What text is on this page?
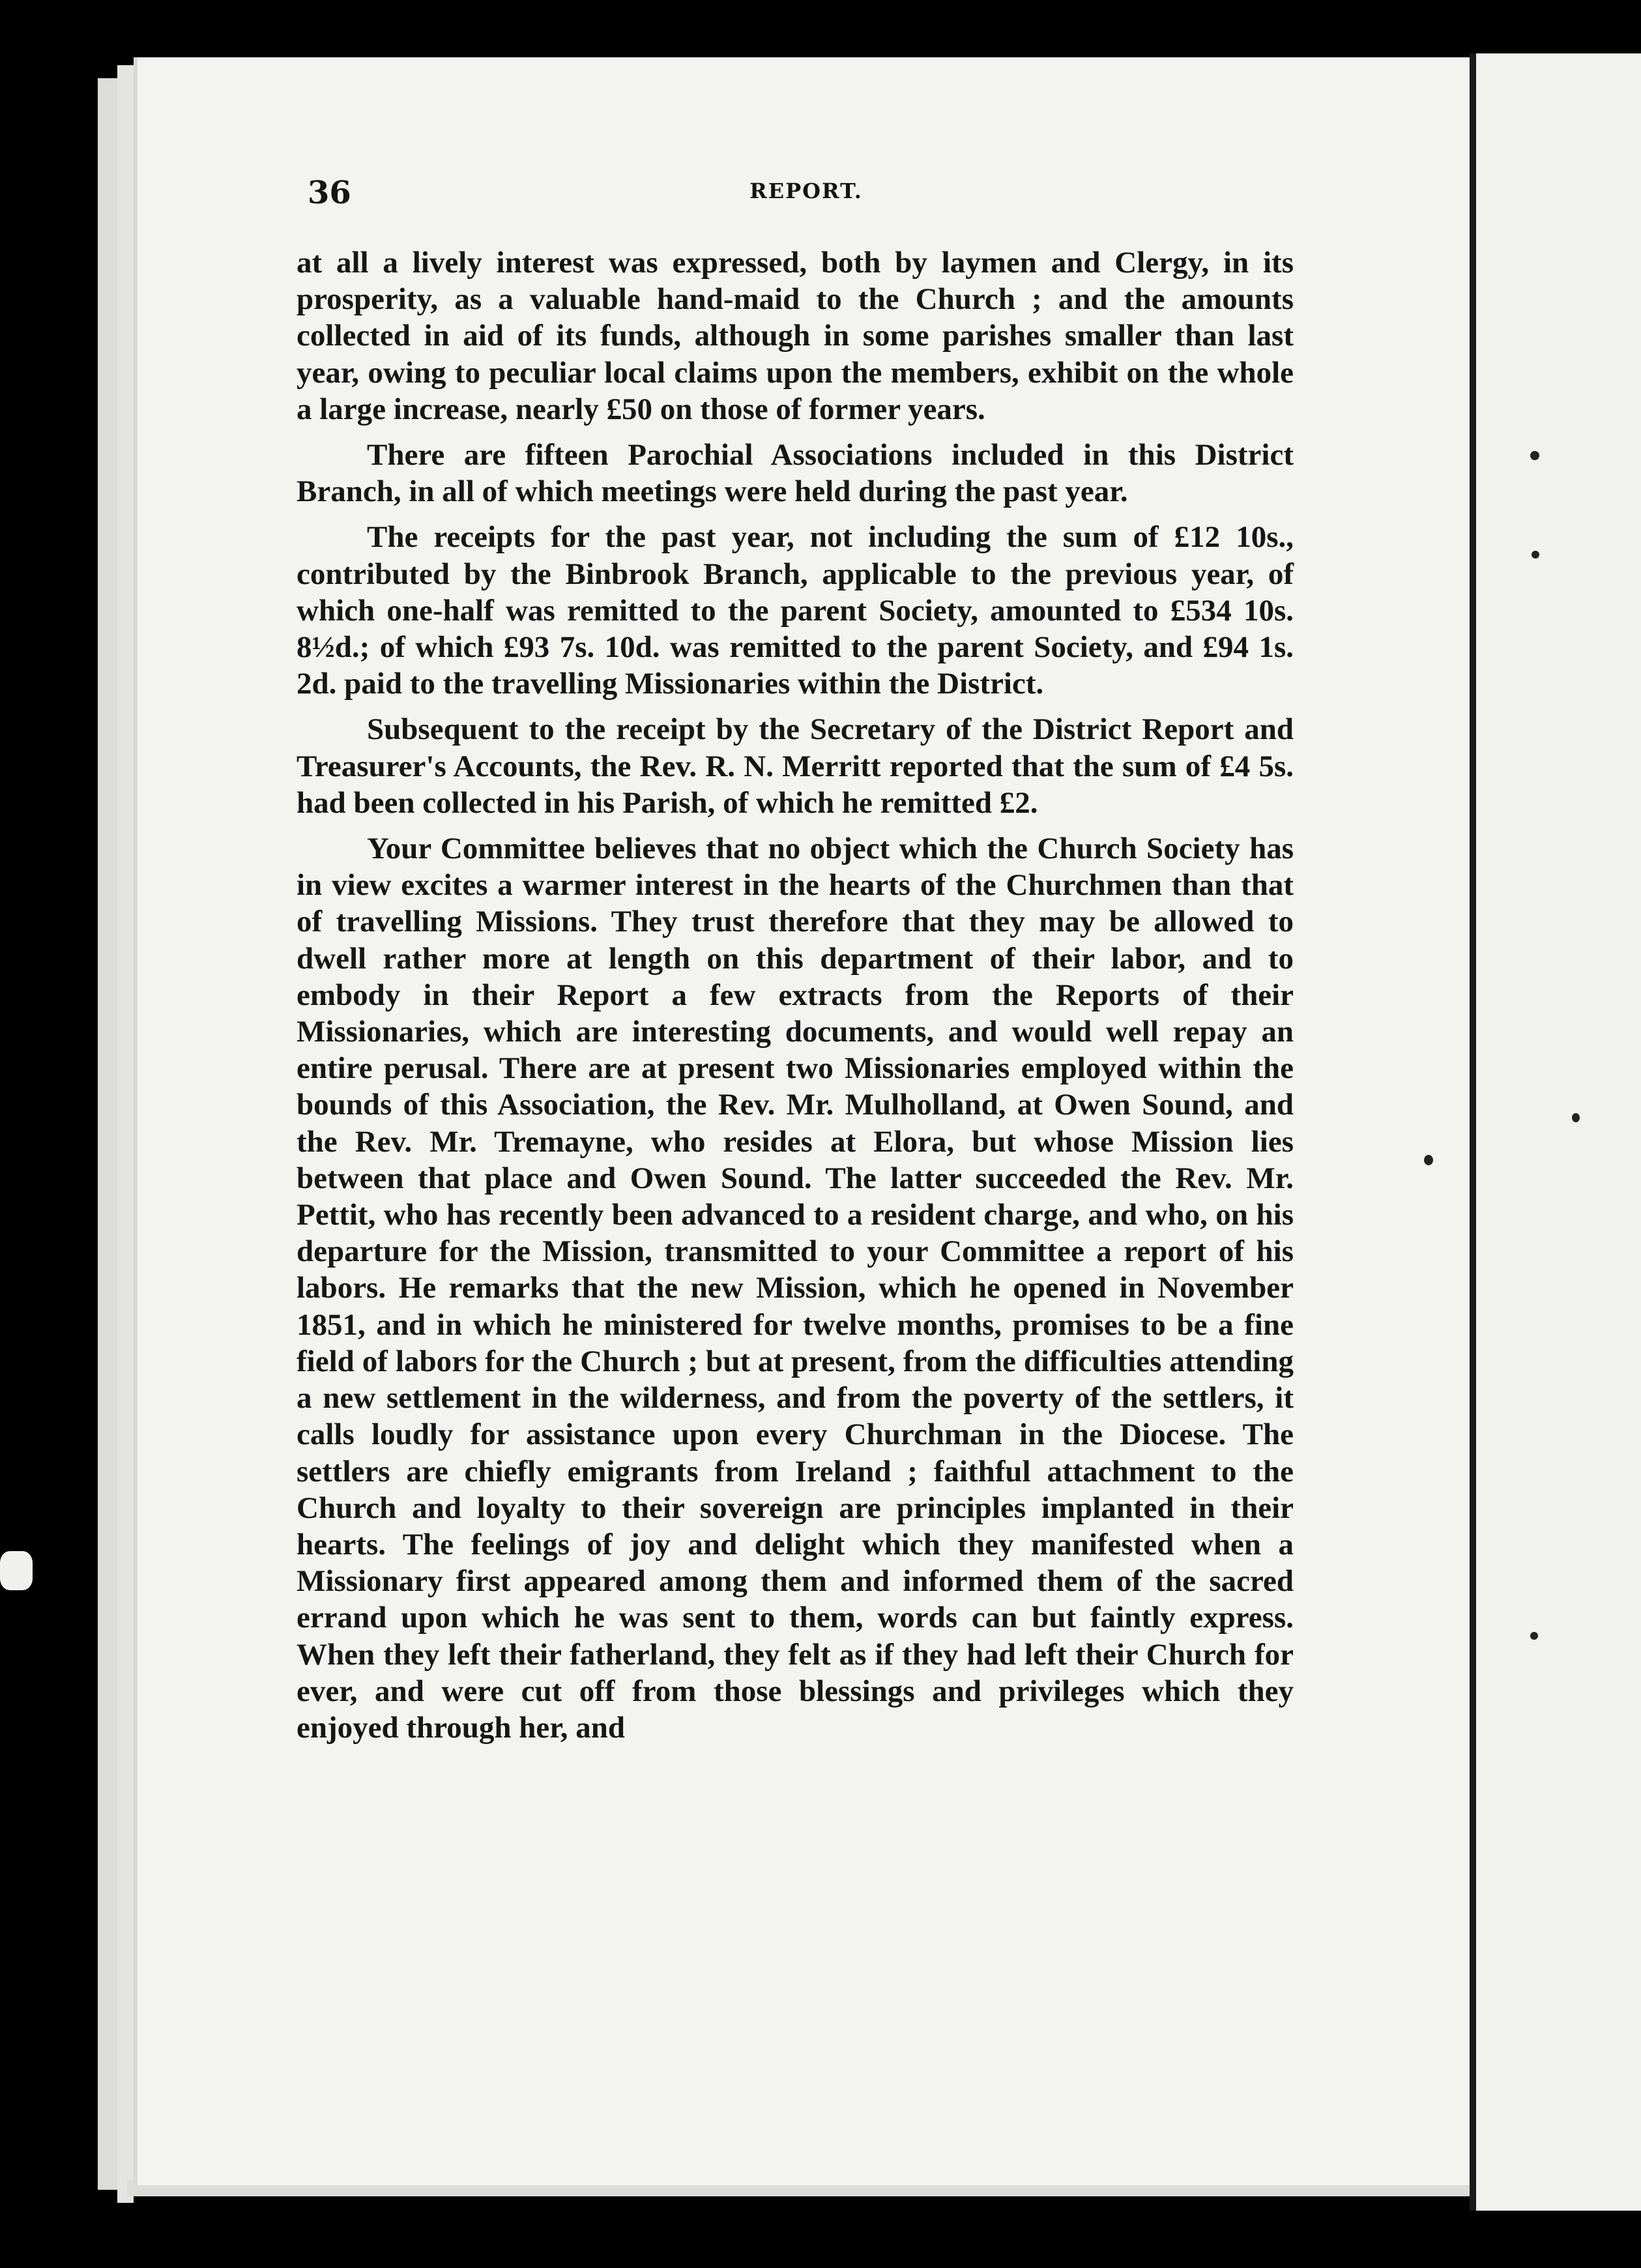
36	REPORT.

at all a lively interest was expressed, both by laymen and Clergy, in its prosperity, as a valuable hand-maid to the Church ; and the amounts collected in aid of its funds, although in some parishes smaller than last year, owing to peculiar local claims upon the members, exhibit on the whole a large increase, nearly £50 on those of former years.

There are fifteen Parochial Associations included in this District Branch, in all of which meetings were held during the past year.

The receipts for the past year, not including the sum of £12 10s., contributed by the Binbrook Branch, applicable to the previous year, of which one-half was remitted to the parent Society, amounted to £534 10s. 8½d.; of which £93 7s. 10d. was remitted to the parent Society, and £94 1s. 2d. paid to the travelling Missionaries within the District.

Subsequent to the receipt by the Secretary of the District Report and Treasurer's Accounts, the Rev. R. N. Merritt reported that the sum of £4 5s. had been collected in his Parish, of which he remitted £2.

Your Committee believes that no object which the Church Society has in view excites a warmer interest in the hearts of the Churchmen than that of travelling Missions. They trust therefore that they may be allowed to dwell rather more at length on this department of their labor, and to embody in their Report a few extracts from the Reports of their Missionaries, which are interesting documents, and would well repay an entire perusal. There are at present two Missionaries employed within the bounds of this Association, the Rev. Mr. Mulholland, at Owen Sound, and the Rev. Mr. Tremayne, who resides at Elora, but whose Mission lies between that place and Owen Sound. The latter succeeded the Rev. Mr. Pettit, who has recently been advanced to a resident charge, and who, on his departure for the Mission, transmitted to your Committee a report of his labors. He remarks that the new Mission, which he opened in November 1851, and in which he ministered for twelve months, promises to be a fine field of labors for the Church ; but at present, from the difficulties attending a new settlement in the wilderness, and from the poverty of the settlers, it calls loudly for assistance upon every Churchman in the Diocese. The settlers are chiefly emigrants from Ireland ; faithful attachment to the Church and loyalty to their sovereign are principles implanted in their hearts. The feelings of joy and delight which they manifested when a Missionary first appeared among them and informed them of the sacred errand upon which he was sent to them, words can but faintly express. When they left their fatherland, they felt as if they had left their Church for ever, and were cut off from those blessings and privileges which they enjoyed through her, and
